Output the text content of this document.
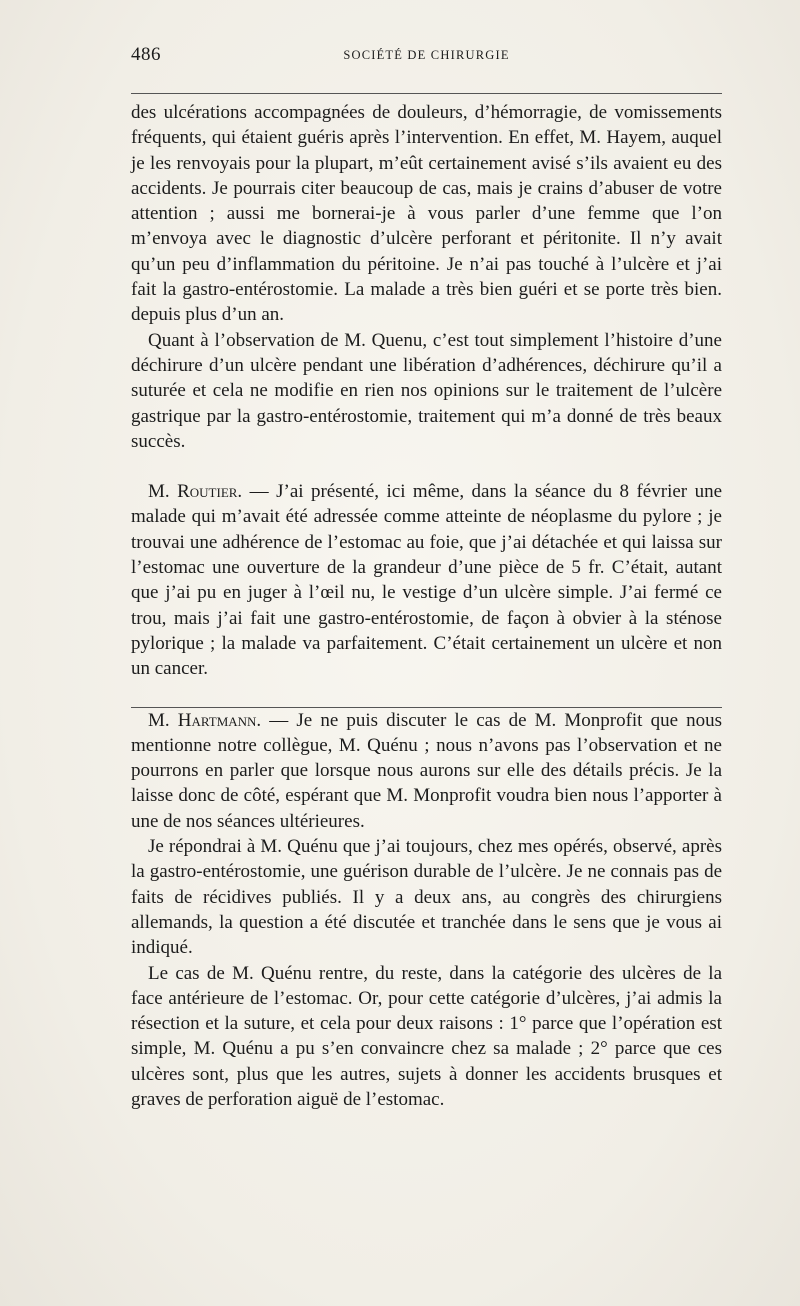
486	SOCIÉTÉ DE CHIRURGIE

des ulcérations accompagnées de douleurs, d’hémorragie, de vomissements fréquents, qui étaient guéris après l’intervention. En effet, M. Hayem, auquel je les renvoyais pour la plupart, m’eût certainement avisé s’ils avaient eu des accidents. Je pourrais citer beaucoup de cas, mais je crains d’abuser de votre attention ; aussi me bornerai-je à vous parler d’une femme que l’on m’envoya avec le diagnostic d’ulcère perforant et péritonite. Il n’y avait qu’un peu d’inflammation du péritoine. Je n’ai pas touché à l’ulcère et j’ai fait la gastro-entérostomie. La malade a très bien guéri et se porte très bien. depuis plus d’un an.

Quant à l’observation de M. Quenu, c’est tout simplement l’histoire d’une déchirure d’un ulcère pendant une libération d’adhérences, déchirure qu’il a suturée et cela ne modifie en rien nos opinions sur le traitement de l’ulcère gastrique par la gastro-entérostomie, traitement qui m’a donné de très beaux succès.

M. Routier. — J’ai présenté, ici même, dans la séance du 8 février une malade qui m’avait été adressée comme atteinte de néoplasme du pylore ; je trouvai une adhérence de l’estomac au foie, que j’ai détachée et qui laissa sur l’estomac une ouverture de la grandeur d’une pièce de 5 fr. C’était, autant que j’ai pu en juger à l’œil nu, le vestige d’un ulcère simple. J’ai fermé ce trou, mais j’ai fait une gastro-entérostomie, de façon à obvier à la sténose pylorique ; la malade va parfaitement. C’était certainement un ulcère et non un cancer.

M. Hartmann. — Je ne puis discuter le cas de M. Monprofit que nous mentionne notre collègue, M. Quénu ; nous n’avons pas l’observation et ne pourrons en parler que lorsque nous aurons sur elle des détails précis. Je la laisse donc de côté, espérant que M. Monprofit voudra bien nous l’apporter à une de nos séances ultérieures.

Je répondrai à M. Quénu que j’ai toujours, chez mes opérés, observé, après la gastro-entérostomie, une guérison durable de l’ulcère. Je ne connais pas de faits de récidives publiés. Il y a deux ans, au congrès des chirurgiens allemands, la question a été discutée et tranchée dans le sens que je vous ai indiqué.

Le cas de M. Quénu rentre, du reste, dans la catégorie des ulcères de la face antérieure de l’estomac. Or, pour cette catégorie d’ulcères, j’ai admis la résection et la suture, et cela pour deux raisons : 1° parce que l’opération est simple, M. Quénu a pu s’en convaincre chez sa malade ; 2° parce que ces ulcères sont, plus que les autres, sujets à donner les accidents brusques et graves de perforation aiguë de l’estomac.
